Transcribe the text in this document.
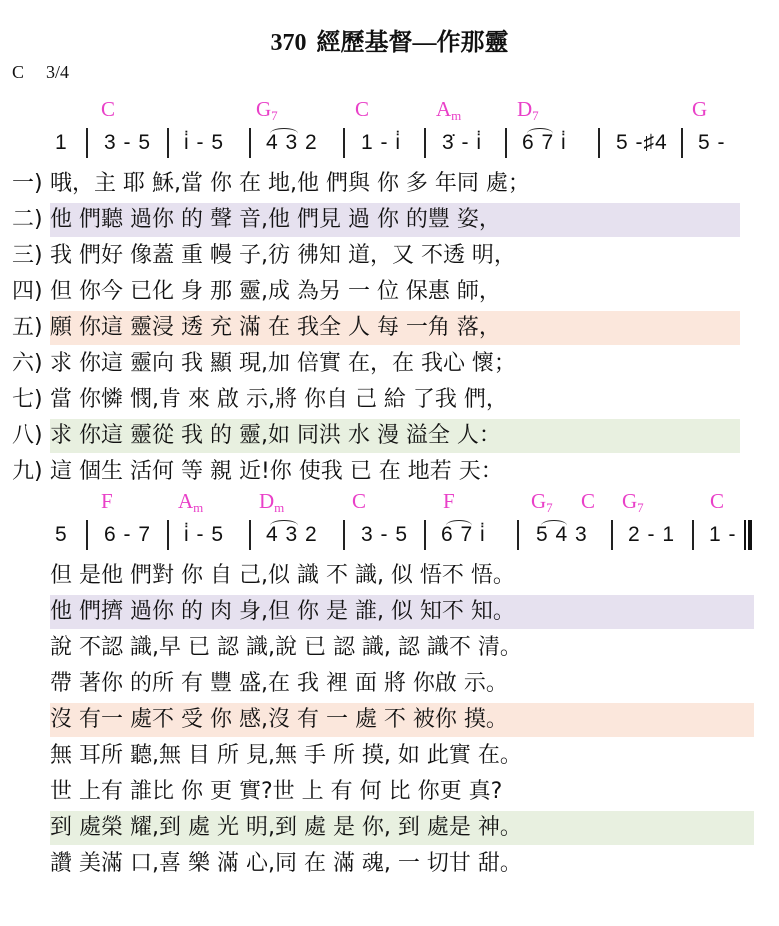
370 經歷基督—作那靈
C 3/4
C	$G_7$	C	$A_m$	$D_7$	G
1 3 - 5 i̇ - 5 4 3 2 1 - i̇ 3̇ - i̇ 6 7 i̇ 5 -♯4 5 -
一) 哦，主 耶 穌,當 你 在 地,他 們與 你 多 年同 處；
二) 他 們聽 過你 的 聲 音,他 們見 過 你 的豐 姿，
三) 我 們好 像蓋 重 幔 子,彷 彿知 道，又 不透 明，
四) 但 你今 已化 身 那 靈,成 為另 一 位 保惠 師，
五) 願 你這 靈浸 透 充 滿 在 我全 人 每 一角 落，
六) 求 你這 靈向 我 顯 現,加 倍實 在，在 我心 懷；
七) 當 你憐 憫,肯 來 啟 示,將 你自 己 給 了我 們，
八) 求 你這 靈從 我 的 靈,如 同洪 水 漫 溢全 人：
九) 這 個生 活何 等 親 近!你 使我 已 在 地若 天：
F	$A_m$	$D_m$	C	F	$G_7$ C $G_7$	C
5 6 - 7 i̇ - 5 4 3 2 3 - 5 6 7 i̇ 5 4 3 2 - 1 1 -
但 是他 們對 你 自 己,似 識 不 識, 似 悟不 悟。
他 們擠 過你 的 肉 身,但 你 是 誰, 似 知不 知。
說 不認 識,早 已 認 識,說 已 認 識, 認 識不 清。
帶 著你 的所 有 豐 盛,在 我 裡 面 將 你啟 示。
沒 有一 處不 受 你 感,沒 有 一 處 不 被你 摸。
無 耳所 聽,無 目 所 見,無 手 所 摸, 如 此實 在。
世 上有 誰比 你 更 實?世 上 有 何 比 你更 真?
到 處榮 耀,到 處 光 明,到 處 是 你, 到 處是 神。
讚 美滿 口,喜 樂 滿 心,同 在 滿 魂, 一 切甘 甜。
